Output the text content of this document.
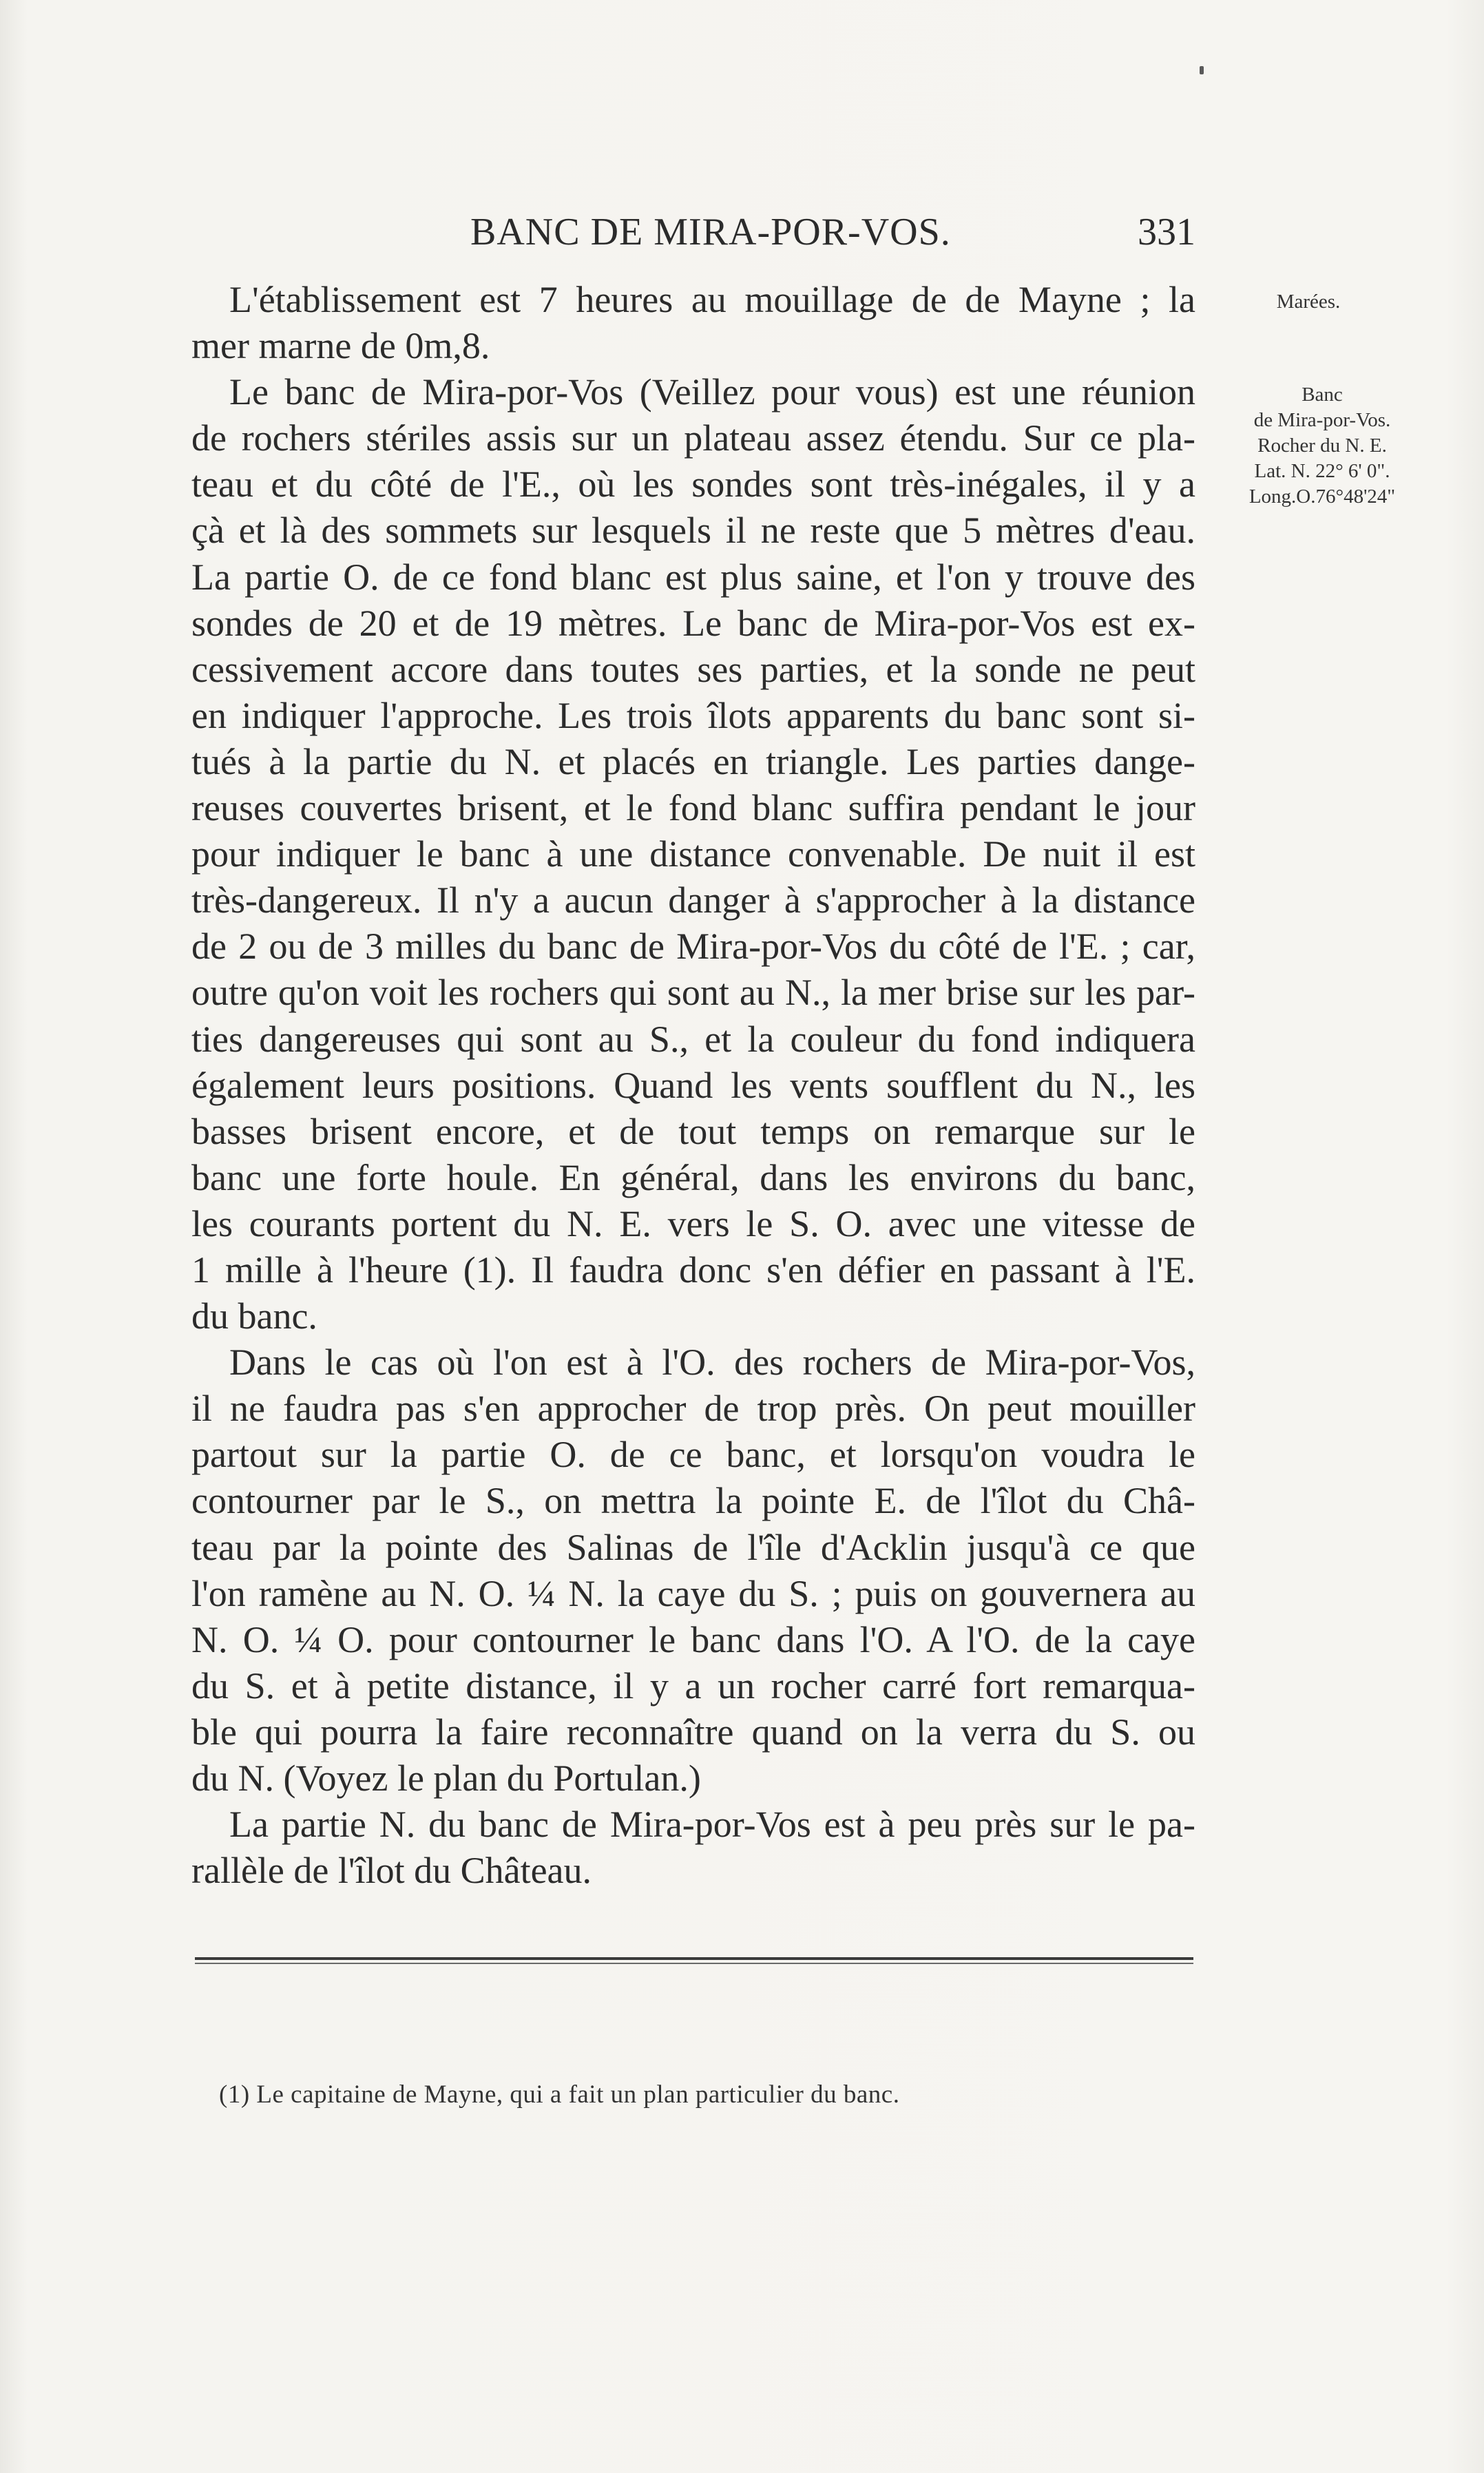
BANC DE MIRA-POR-VOS.	331
Marées.
Banc
de Mira-por-Vos.
Rocher du N. E.
Lat. N. 22° 6' 0".
Long.O.76°48'24"
L'établissement est 7 heures au mouillage de de Mayne ; la
mer marne de 0m,8.
Le banc de Mira-por-Vos (Veillez pour vous) est une réunion
de rochers stériles assis sur un plateau assez étendu. Sur ce pla-
teau et du côté de l'E., où les sondes sont très-inégales, il y a
çà et là des sommets sur lesquels il ne reste que 5 mètres d'eau.
La partie O. de ce fond blanc est plus saine, et l'on y trouve des
sondes de 20 et de 19 mètres. Le banc de Mira-por-Vos est ex-
cessivement accore dans toutes ses parties, et la sonde ne peut
en indiquer l'approche. Les trois îlots apparents du banc sont si-
tués à la partie du N. et placés en triangle. Les parties dange-
reuses couvertes brisent, et le fond blanc suffira pendant le jour
pour indiquer le banc à une distance convenable. De nuit il est
très-dangereux. Il n'y a aucun danger à s'approcher à la distance
de 2 ou de 3 milles du banc de Mira-por-Vos du côté de l'E. ; car,
outre qu'on voit les rochers qui sont au N., la mer brise sur les par-
ties dangereuses qui sont au S., et la couleur du fond indiquera
également leurs positions. Quand les vents soufflent du N., les
basses brisent encore, et de tout temps on remarque sur le
banc une forte houle. En général, dans les environs du banc,
les courants portent du N. E. vers le S. O. avec une vitesse de
1 mille à l'heure (1). Il faudra donc s'en défier en passant à l'E.
du banc.
Dans le cas où l'on est à l'O. des rochers de Mira-por-Vos,
il ne faudra pas s'en approcher de trop près. On peut mouiller
partout sur la partie O. de ce banc, et lorsqu'on voudra le
contourner par le S., on mettra la pointe E. de l'îlot du Châ-
teau par la pointe des Salinas de l'île d'Acklin jusqu'à ce que
l'on ramène au N. O. ¼ N. la caye du S. ; puis on gouvernera au
N. O. ¼ O. pour contourner le banc dans l'O. A l'O. de la caye
du S. et à petite distance, il y a un rocher carré fort remarqua-
ble qui pourra la faire reconnaître quand on la verra du S. ou
du N. (Voyez le plan du Portulan.)
La partie N. du banc de Mira-por-Vos est à peu près sur le pa-
rallèle de l'îlot du Château.
(1) Le capitaine de Mayne, qui a fait un plan particulier du banc.
